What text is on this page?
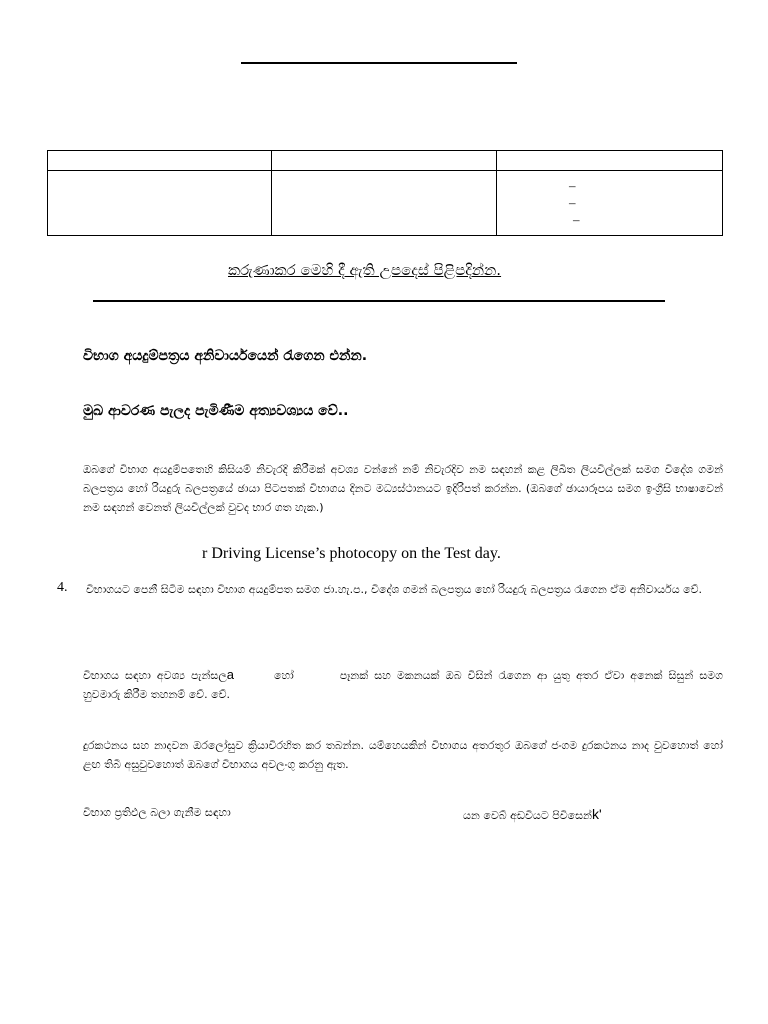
		–
–
–
කරුණාකර මෙහි දී ඇති උපදෙස් පිළිපදින්න.
විභාග අයදුම්පත්‍රය අනිවාර්යයෙන් රැගෙන එන්න.
මුඛ ආවරණ පැලද පැමිණීම අත්‍යවශ්‍යය වේ..
ඔබගේ විභාග අයදුම්පතෙහි කිසියම් නිවැරදි කිරීමක් අවශ්‍ය වන්නේ නම් නිවැරදිව නම සඳහන් කළ ලිඛිත ලියවිල්ලක් සමග විදේශ ගමන් බලපත්‍රය හෝ රියදුරු බලපත්‍රයේ ඡායා පිටපතක් විභාගය දිනට මධ්‍යස්ථානයට ඉදිරිපත් කරන්න. (ඔබගේ ඡායාරූපය සමග ඉංග්‍රීසි භාෂාවෙන් නම සඳහන් වෙනත් ලියවිල්ලක් වුවද භාර ගත හැක.)
r Driving License’s photocopy on the Test day.
4. විභාගයට පෙනී සිටීම සඳහා විභාග අයදුම්පත සමග ජා.හැ.ප., විදේශ ගමන් බලපත්‍රය හෝ රියදුරු බලපත්‍රය රැගෙන ඒම අනිවාර්යය වේ.
විභාගය සඳහා අවශ්‍ය පැන්සලa	හෝ	පෑනක් සහ මකනයක් ඔබ විසින් රැගෙන ආ යුතු අතර ඒවා අනෙක් සිසුන් සමග හුවමාරු කිරීම තහනම් වේ. වේ.
දුරකථනය සහ නාදවන ඔරලෝසුව ක්‍රියාවිරහිත කර තබන්න. යම්හෙයකින් විභාගය අතරතුර ඔබගේ ජංගම දුරකථනය නාද වුවහොත් හෝ ළඟ තිබී අසුවුවහොත් ඔබගේ විභාගය අවලංගු කරනු ඇත.
විභාග ප්‍රතිඵල බලා ගැනීම සඳහා	යන වෙබ් අඩවියට පිවිසෙන්k'
